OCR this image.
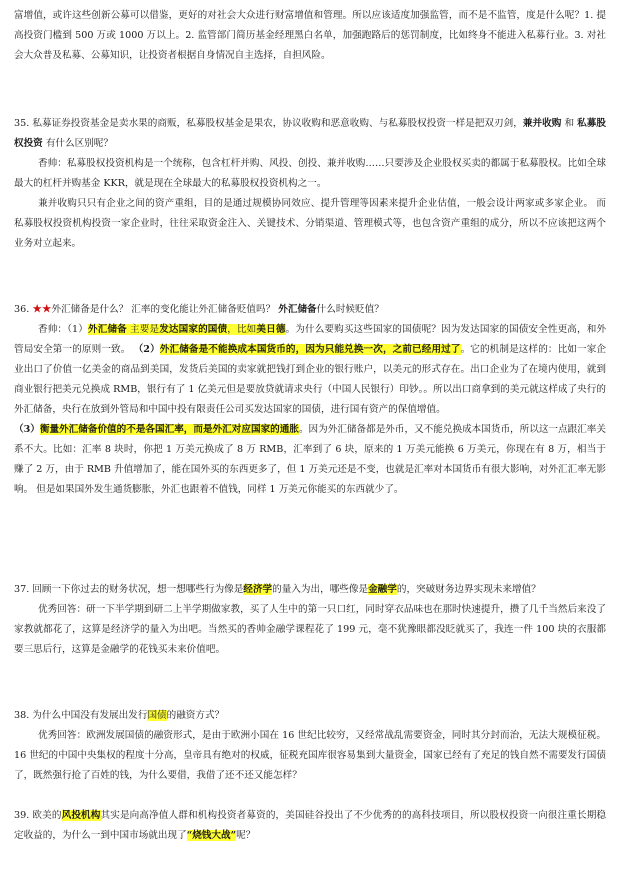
富增值，或许这些创新公募可以借鉴，更好的对社会大众进行财富增值和管理。所以应该适度加强监管，而不是不监管，度是什么呢？1. 提高投资门槛到 500 万或 1000 万以上。2. 监管部门简历基金经理黑白名单，加强跑路后的惩罚制度，比如终身不能进入私募行业。3. 对社会大众普及私募、公募知识，让投资者根据自身情况自主选择，自担风险。

35. 私募证券投资基金是卖水果的商贩，私募股权基金是果农，协议收购和恶意收购、与私募股权投资一样是把双刃剑，兼并收购 和 私募股权投资 有什么区别呢？

香帅：私募股权投资机构是一个统称，包含杠杆并购、风投、创投、兼并收购……只要涉及企业股权买卖的都属于私募股权。比如全球最大的杠杆并购基金 KKR，就是现在全球最大的私募股权投资机构之一。

兼并收购只只有企业之间的资产重组，目的是通过规模协同效应、提升管理等因素来提升企业估值，一般会设计两家或多家企业。 而私募股权投资机构投资一家企业时，往往采取资金注入、关键技术、分销渠道、管理模式等，也包含资产重组的成分，所以不应该把这两个业务对立起来。

36. ★★外汇储备是什么？ 汇率的变化能让外汇储备贬值吗？ 外汇储备什么时候贬值？

香帅：（1）外汇储备 主要是发达国家的国债，比如美日德。为什么要购买这些国家的国债呢？因为发达国家的国债安全性更高，和外管局安全第一的原则一致。 （2）外汇储备是不能换成本国货币的，因为只能兑换一次，之前已经用过了。它的机制是这样的：比如一家企业出口了价值一亿美金的商品到美国，发货后美国的卖家就把钱打到企业的银行账户，以美元的形式存在。出口企业为了在境内使用，就到商业银行把美元兑换成 RMB，银行有了 1 亿美元但是要放贷就请求央行（中国人民银行）印钞。。所以出口商拿到的美元就这样成了央行的外汇储备，央行在放到外管局和中国中投有限责任公司买发达国家的国债，进行国有资产的保值增值。
（3）衡量外汇储备价值的不是各国汇率，而是外汇对应国家的通胀。因为外汇储备都是外币，又不能兑换成本国货币，所以这一点跟汇率关系不大。比如：汇率 8 块时，你把 1 万美元换成了 8 万 RMB，汇率到了 6 块，原来的 1 万美元能换 6 万美元，你现在有 8 万，相当于赚了 2 万，由于 RMB 升值增加了，能在国外买的东西更多了，但 1 万美元还是不变，也就是汇率对本国货币有很大影响，对外汇汇率无影响。 但是如果国外发生通货膨胀，外汇也跟着不值钱，同样 1 万美元你能买的东西就少了。

37. 回顾一下你过去的财务状况，想一想哪些行为像是经济学的量入为出，哪些像是金融学的，突破财务边界实现未来增值？

优秀回答：研一下半学期到研二上半学期做家教，买了人生中的第一只口红，同时穿衣品味也在那时快速提升，攒了几千当然后来没了家教就都花了，这算是经济学的量入为出吧。当然买的香帅金融学课程花了 199 元，毫不犹豫眼都没眨就买了，我连一件 100 块的衣服都要三思后行，这算是金融学的花钱买未来价值吧。

38. 为什么中国没有发展出发行国债的融资方式？

优秀回答：欧洲发展国债的融资形式，是由于欧洲小国在 16 世纪比较穷，又经常战乱需要资金，同时其分封而治，无法大规模征税。16 世纪的中国中央集权的程度十分高，皇帝具有绝对的权威，征税充国库很容易集到大量资金，国家已经有了充足的钱自然不需要发行国债了，既然强行抢了百姓的钱，为什么要借，我借了还不还又能怎样？

39. 欧美的风投机构其实是向高净值人群和机构投资者募资的，美国硅谷投出了不少优秀的的高科技项目，所以股权投资一向很注重长期稳定收益的，为什么一到中国市场就出现了“烧钱大战”呢？
